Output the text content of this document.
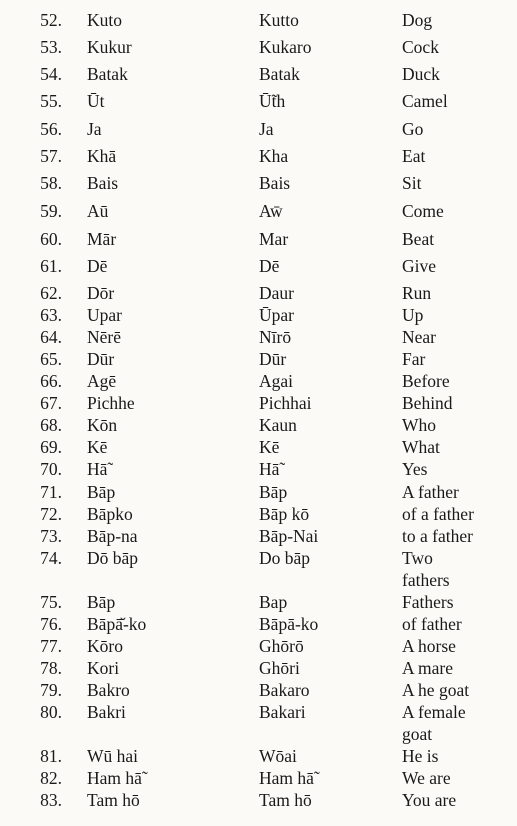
52. Kuto	Kutto	Dog
53. Kukur	Kukaro	Cock
54. Batak	Batak	Duck
55. Ūt	Ū̃th	Camel
56. Ja	Ja	Go
57. Khā	Kha	Eat
58. Bais	Bais	Sit
59. Aū	Aw̄	Come
60. Mār	Mar	Beat
61. Dē	Dē	Give
62. Dōr	Daur	Run
63. Upar	Ūpar	Up
64. Nērē	Nīrō	Near
65. Dūr	Dūr	Far
66. Agē	Agai	Before
67. Pichhe	Pichhai	Behind
68. Kōn	Kaun	Who
69. Kē	Kē	What
70. Hā̃	Hā̃	Yes
71. Bāp	Bāp	A father
72. Bāpko	Bāp kō	of a father
73. Bāp-na	Bāp-Nai	to a father
74. Dō bāp	Do bāp	Two
fathers
75. Bāp	Bap	Fathers
76. Bāpā̆-ko	Bāpā-ko	of father
77. Kōro	Ghōrō	A horse
78. Kori	Ghōri	A mare
79. Bakro	Bakaro	A he goat
80. Bakri	Bakari	A female
goat
81. Wū hai	Wōai	He is
82. Ham hā̃	Ham hā̃	We are
83. Tam hō	Tam hō	You are
